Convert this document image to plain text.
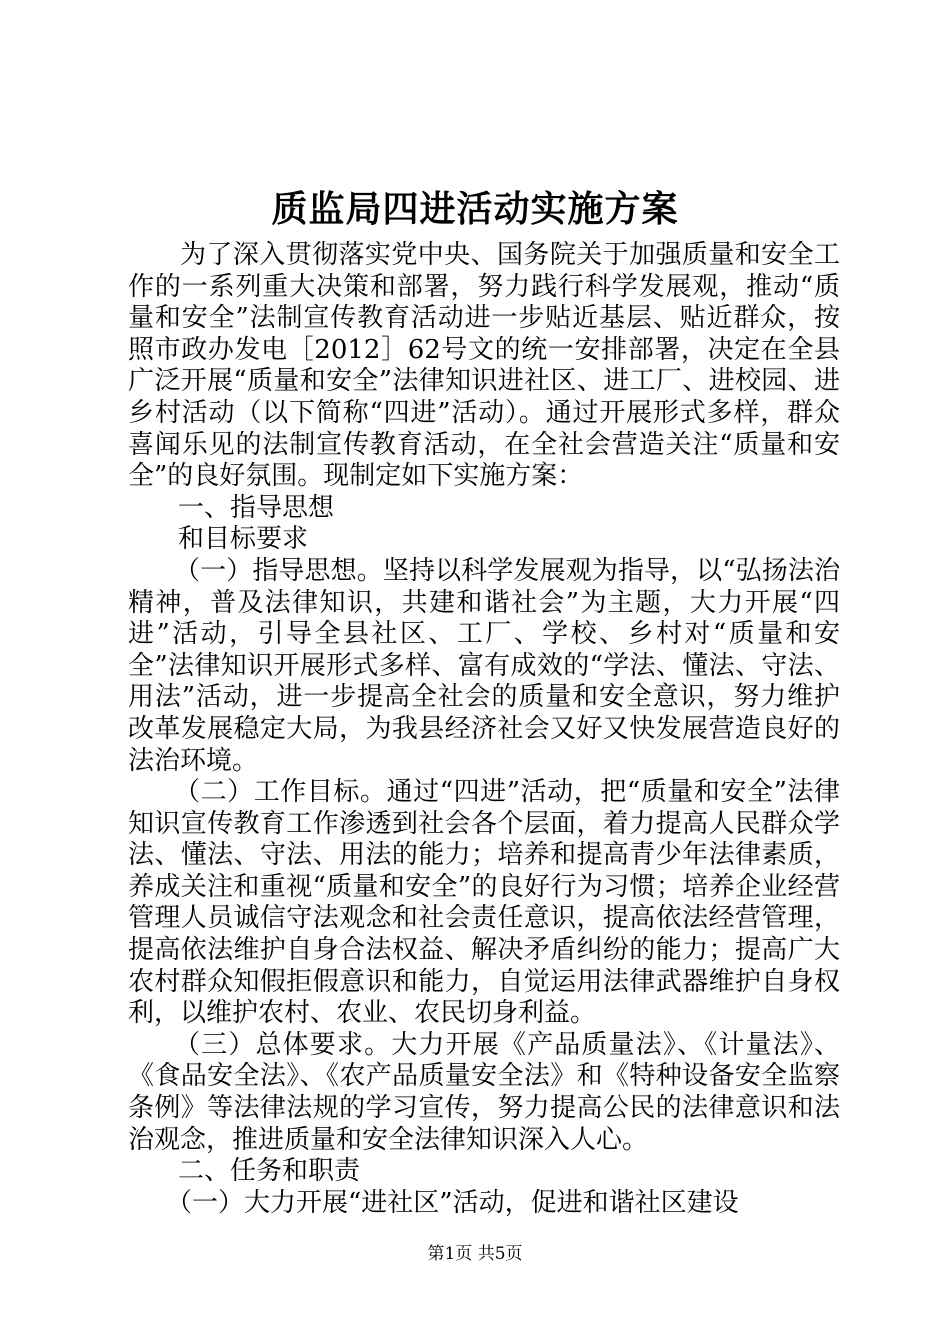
质监局四进活动实施方案

为了深入贯彻落实党中央、国务院关于加强质量和安全工作的一系列重大决策和部署，努力践行科学发展观，推动“质量和安全”法制宣传教育活动进一步贴近基层、贴近群众，按照市政办发电［2012］62号文的统一安排部署，决定在全县广泛开展“质量和安全”法律知识进社区、进工厂、进校园、进乡村活动（以下简称“四进”活动）。通过开展形式多样，群众喜闻乐见的法制宣传教育活动，在全社会营造关注“质量和安全”的良好氛围。现制定如下实施方案：

一、指导思想

和目标要求

（一）指导思想。坚持以科学发展观为指导，以“弘扬法治精神，普及法律知识，共建和谐社会”为主题，大力开展“四进”活动，引导全县社区、工厂、学校、乡村对“质量和安全”法律知识开展形式多样、富有成效的“学法、懂法、守法、用法”活动，进一步提高全社会的质量和安全意识，努力维护改革发展稳定大局，为我县经济社会又好又快发展营造良好的法治环境。

（二）工作目标。通过“四进”活动，把“质量和安全”法律知识宣传教育工作渗透到社会各个层面，着力提高人民群众学法、懂法、守法、用法的能力；培养和提高青少年法律素质，养成关注和重视“质量和安全”的良好行为习惯；培养企业经营管理人员诚信守法观念和社会责任意识，提高依法经营管理，提高依法维护自身合法权益、解决矛盾纠纷的能力；提高广大农村群众知假拒假意识和能力，自觉运用法律武器维护自身权利，以维护农村、农业、农民切身利益。

（三）总体要求。大力开展《产品质量法》、《计量法》、《食品安全法》、《农产品质量安全法》和《特种设备安全监察条例》等法律法规的学习宣传，努力提高公民的法律意识和法治观念，推进质量和安全法律知识深入人心。

二、任务和职责

（一）大力开展“进社区”活动，促进和谐社区建设

第1页 共5页
